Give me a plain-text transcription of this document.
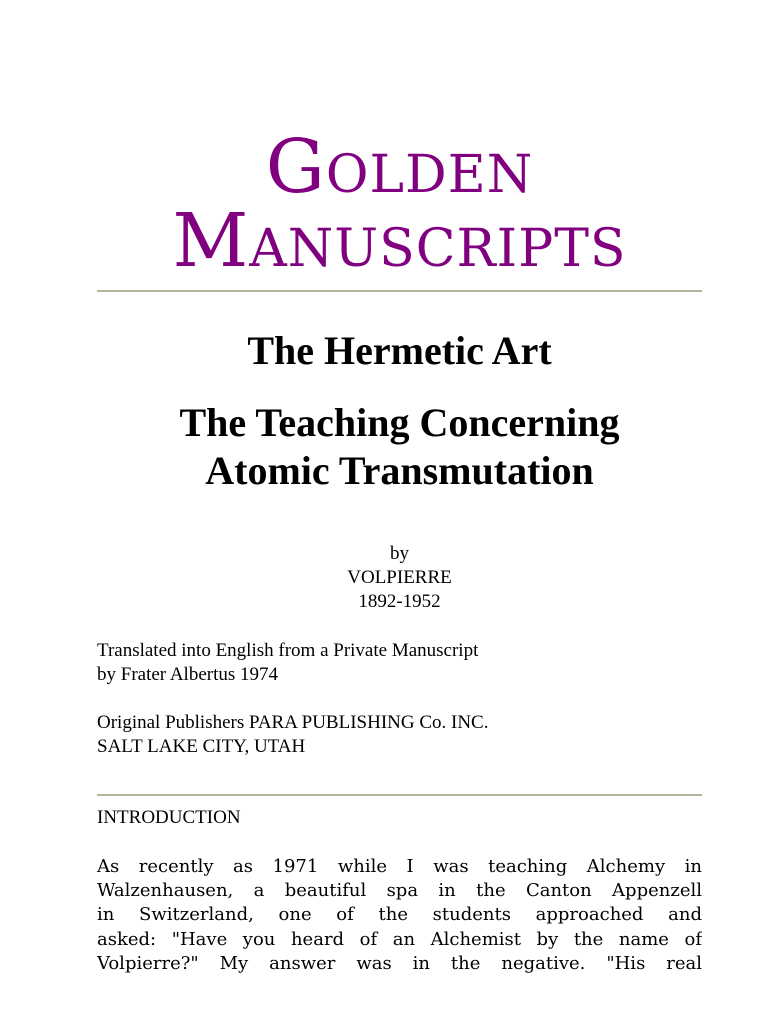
Golden
Manuscripts
The Hermetic Art
The Teaching Concerning
Atomic Transmutation
by
VOLPIERRE
1892-1952
Translated into English from a Private Manuscript
by Frater Albertus 1974
Original Publishers PARA PUBLISHING Co. INC.
SALT LAKE CITY, UTAH
INTRODUCTION
As recently as 1971 while I was teaching Alchemy in
Walzenhausen, a beautiful spa in the Canton Appenzell
in Switzerland, one of the students approached and
asked: "Have you heard of an Alchemist by the name of
Volpierre?" My answer was in the negative. "His real
